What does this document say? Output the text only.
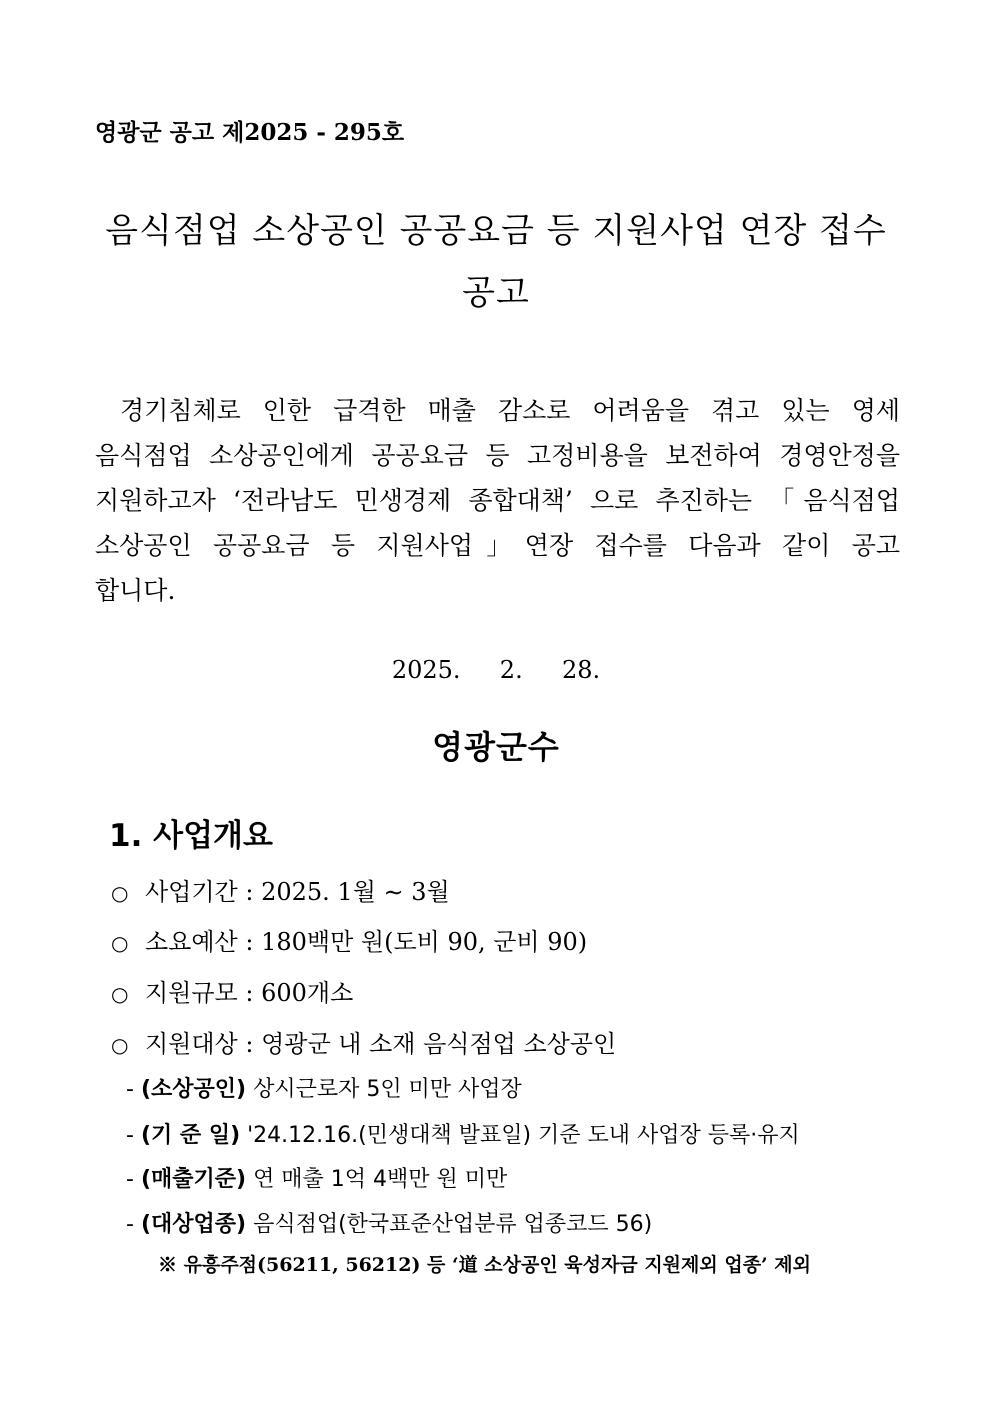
영광군 공고 제2025 - 295호
음식점업 소상공인 공공요금 등 지원사업 연장 접수
공고
경기침체로 인한 급격한 매출 감소로 어려움을 겪고 있는 영세
음식점업 소상공인에게 공공요금 등 고정비용을 보전하여 경영안정을
지원하고자 ‘전라남도 민생경제 종합대책’ 으로 추진하는 「음식점업
소상공인 공공요금 등 지원사업」연장 접수를 다음과 같이 공고
합니다.
2025.  2.  28.
영광군수
1. 사업개요
○ 사업기간 : 2025. 1월 ∼ 3월
○ 소요예산 : 180백만 원(도비 90, 군비 90)
○ 지원규모 : 600개소
○ 지원대상 : 영광군 내 소재 음식점업 소상공인
- (소상공인) 상시근로자 5인 미만 사업장
- (기 준 일) '24.12.16.(민생대책 발표일) 기준 도내 사업장 등록·유지
- (매출기준) 연 매출 1억 4백만 원 미만
- (대상업종) 음식점업(한국표준산업분류 업종코드 56)
※ 유흥주점(56211, 56212) 등 ‘道 소상공인 육성자금 지원제외 업종’ 제외
